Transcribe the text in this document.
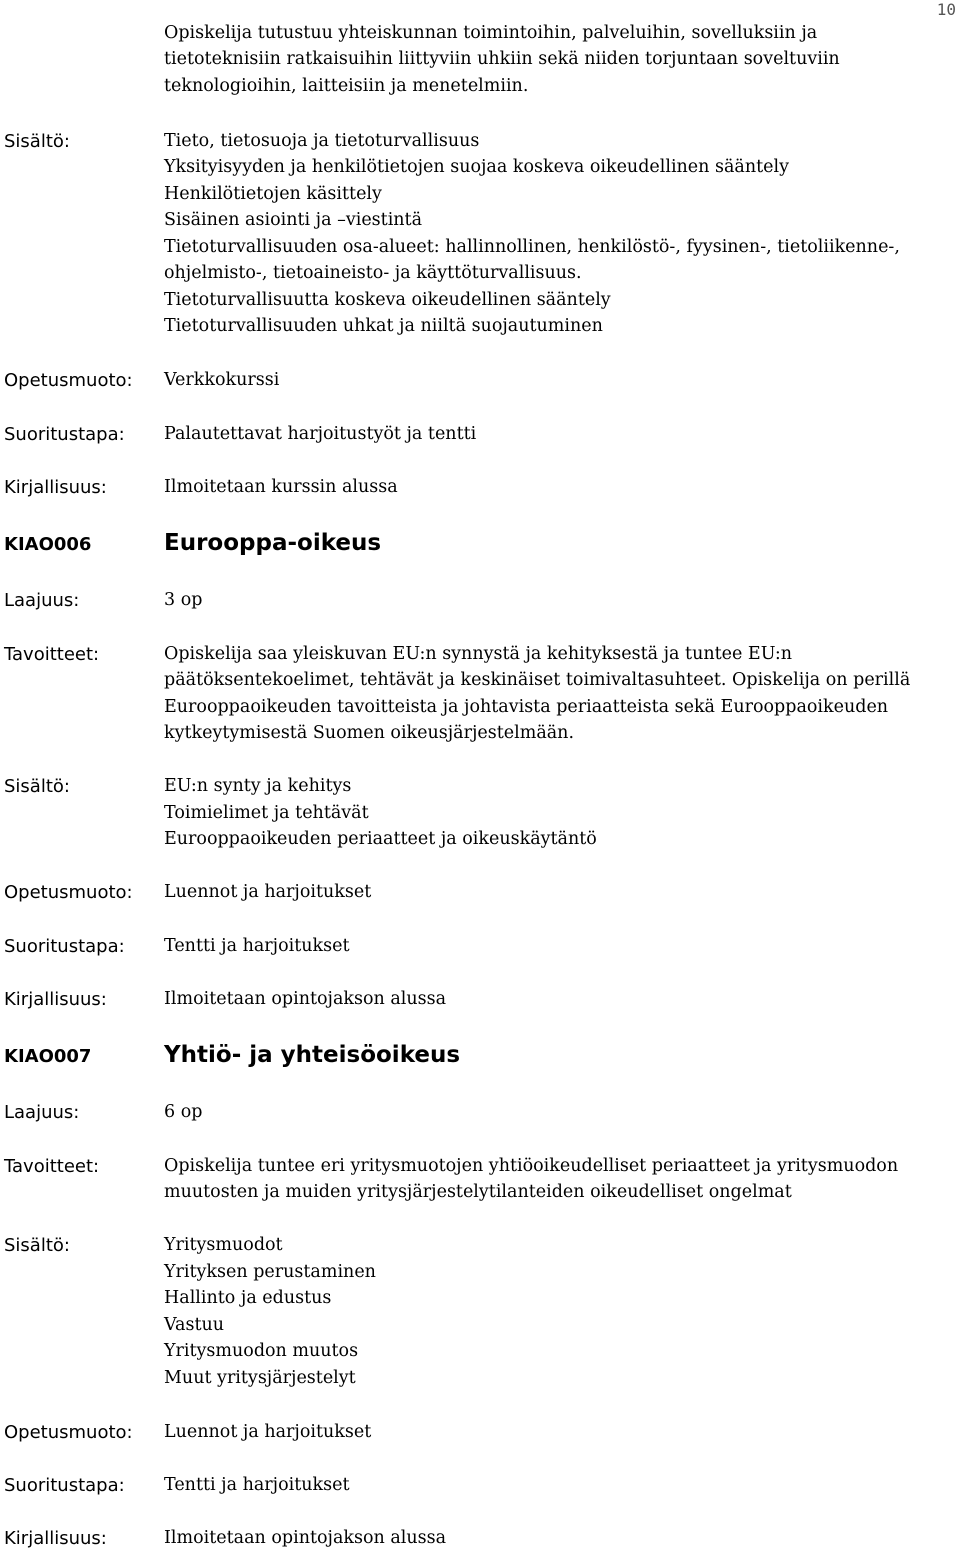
10
Opiskelija tutustuu yhteiskunnan toimintoihin, palveluihin, sovelluksiin ja
tietoteknisiin ratkaisuihin liittyviin uhkiin sekä niiden torjuntaan soveltuviin
teknologioihin, laitteisiin ja menetelmiin.
Sisältö:	Tieto, tietosuoja ja tietoturvallisuus
Yksityisyyden ja henkilötietojen suojaa koskeva oikeudellinen sääntely
Henkilötietojen käsittely
Sisäinen asiointi ja –viestintä
Tietoturvallisuuden osa-alueet: hallinnollinen, henkilöstö-, fyysinen-, tietoliikenne-,
ohjelmisto-, tietoaineisto- ja käyttöturvallisuus.
Tietoturvallisuutta koskeva oikeudellinen sääntely
Tietoturvallisuuden uhkat ja niiltä suojautuminen
Opetusmuoto: Verkkokurssi
Suoritustapa: Palautettavat harjoitustyöt ja tentti
Kirjallisuus:	Ilmoitetaan kurssin alussa
KIAO006	Eurooppa-oikeus
Laajuus:	3 op
Tavoitteet:	Opiskelija saa yleiskuvan EU:n synnystä ja kehityksestä ja tuntee EU:n
päätöksentekoelimet, tehtävät ja keskinäiset toimivaltasuhteet. Opiskelija on perillä
Eurooppaoikeuden tavoitteista ja johtavista periaatteista sekä Eurooppaoikeuden
kytkeytymisestä Suomen oikeusjärjestelmään.
Sisältö:	EU:n synty ja kehitys
Toimielimet ja tehtävät
Eurooppaoikeuden periaatteet ja oikeuskäytäntö
Opetusmuoto: Luennot ja harjoitukset
Suoritustapa: Tentti ja harjoitukset
Kirjallisuus:	Ilmoitetaan opintojakson alussa
KIAO007	Yhtiö- ja yhteisöoikeus
Laajuus:	6 op
Tavoitteet:	Opiskelija tuntee eri yritysmuotojen yhtiöoikeudelliset periaatteet ja yritysmuodon
muutosten ja muiden yritysjärjestelytilanteiden oikeudelliset ongelmat
Sisältö:	Yritysmuodot
Yrityksen perustaminen
Hallinto ja edustus
Vastuu
Yritysmuodon muutos
Muut yritysjärjestelyt
Opetusmuoto: Luennot ja harjoitukset
Suoritustapa: Tentti ja harjoitukset
Kirjallisuus:	Ilmoitetaan opintojakson alussa
